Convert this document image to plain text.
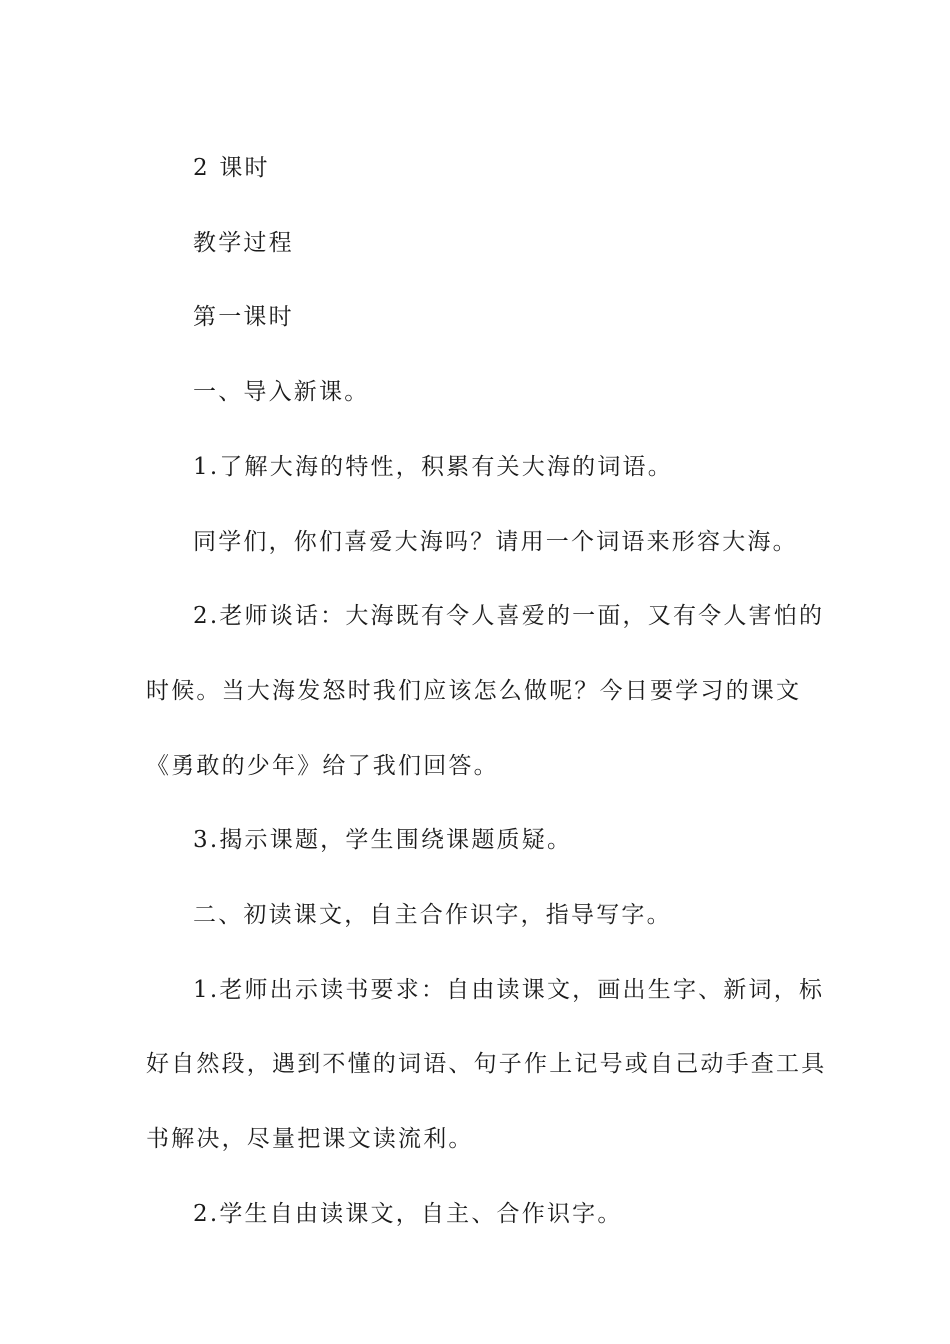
2 课时

教学过程

第一课时

一、导入新课。

1.了解大海的特性，积累有关大海的词语。

同学们，你们喜爱大海吗？请用一个词语来形容大海。

2.老师谈话：大海既有令人喜爱的一面，又有令人害怕的

时候。当大海发怒时我们应该怎么做呢？今日要学习的课文

《勇敢的少年》给了我们回答。

3.揭示课题，学生围绕课题质疑。

二、初读课文，自主合作识字，指导写字。

1.老师出示读书要求：自由读课文，画出生字、新词，标

好自然段，遇到不懂的词语、句子作上记号或自己动手查工具

书解决，尽量把课文读流利。

2.学生自由读课文，自主、合作识字。
